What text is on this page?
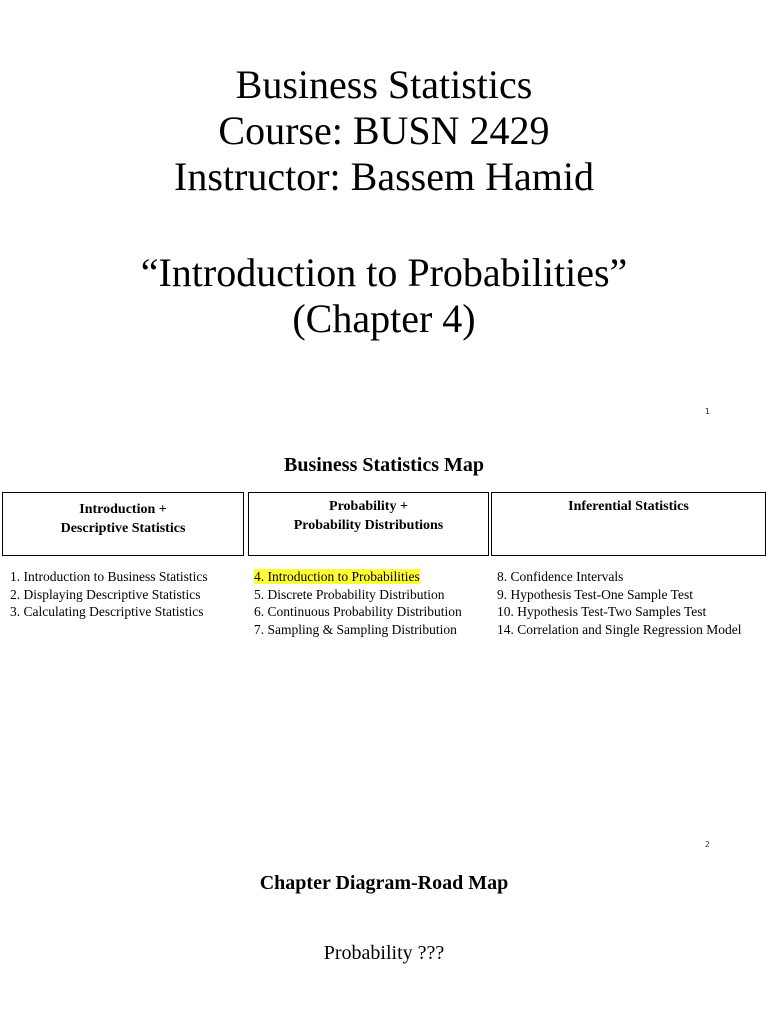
Business Statistics
Course: BUSN 2429
Instructor: Bassem Hamid
“Introduction to Probabilities”
(Chapter 4)
1
Business Statistics Map
Introduction +
Descriptive Statistics
Probability +
Probability Distributions
Inferential Statistics
1. Introduction to Business Statistics
2. Displaying Descriptive Statistics
3. Calculating Descriptive Statistics
4. Introduction to Probabilities
5. Discrete Probability Distribution
6. Continuous Probability Distribution
7. Sampling & Sampling Distribution
8. Confidence Intervals
9. Hypothesis Test-One Sample Test
10. Hypothesis Test-Two Samples Test
14. Correlation and Single Regression Model
2
Chapter Diagram-Road Map
Probability ???
